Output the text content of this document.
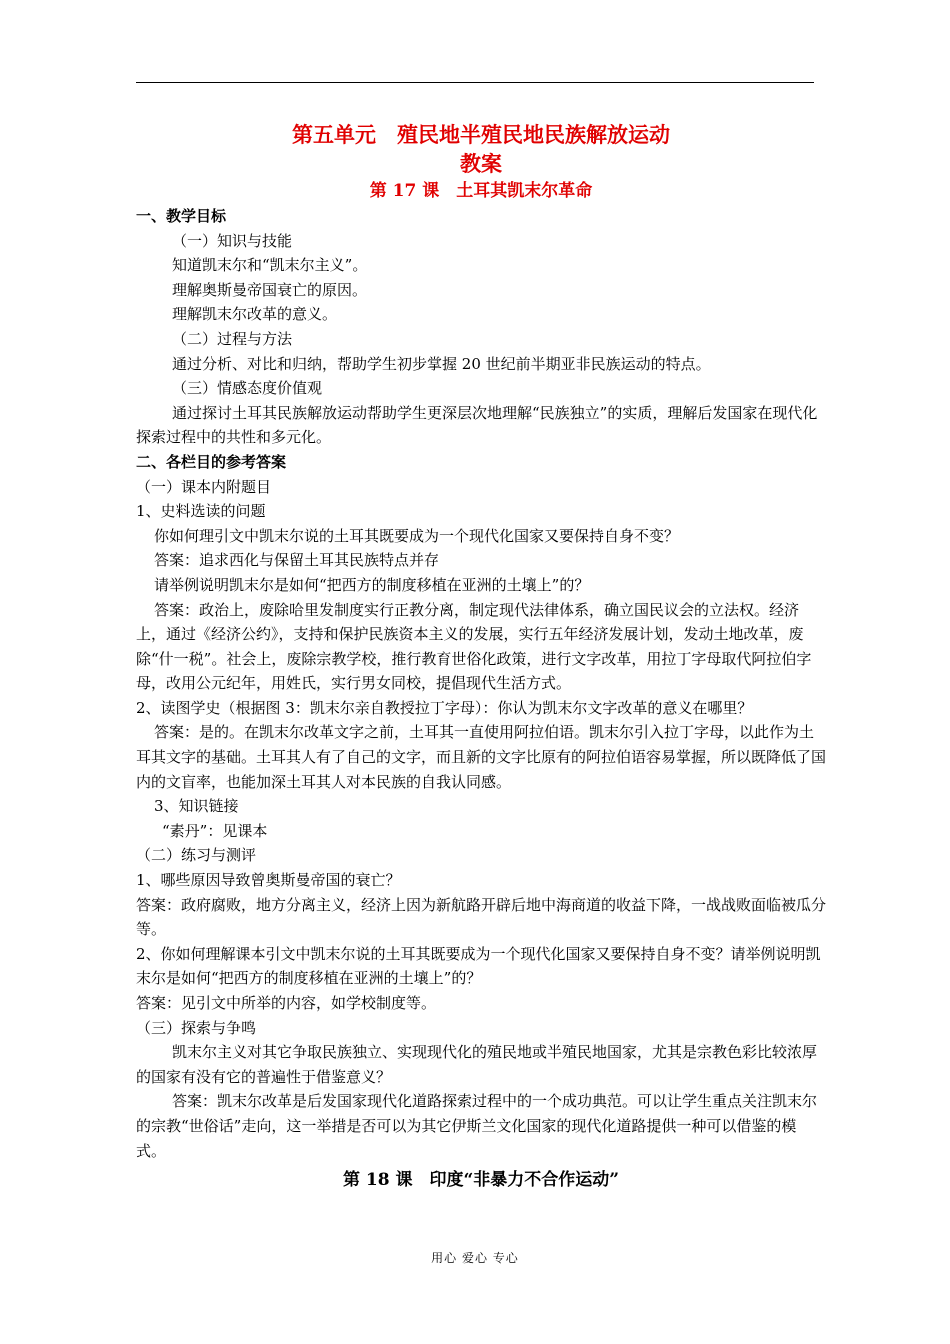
第五单元　殖民地半殖民地民族解放运动

教案

第 17 课　土耳其凯末尔革命

一、教学目标

（一）知识与技能

知道凯末尔和“凯末尔主义”。

理解奥斯曼帝国衰亡的原因。

理解凯末尔改革的意义。

（二）过程与方法

通过分析、对比和归纳，帮助学生初步掌握 20 世纪前半期亚非民族运动的特点。

（三）情感态度价值观

通过探讨土耳其民族解放运动帮助学生更深层次地理解“民族独立”的实质，理解后发国家在现代化探索过程中的共性和多元化。

二、各栏目的参考答案

（一）课本内附题目

1、史料选读的问题

你如何理引文中凯末尔说的土耳其既要成为一个现代化国家又要保持自身不变？

答案：追求西化与保留土耳其民族特点并存

请举例说明凯末尔是如何“把西方的制度移植在亚洲的土壤上”的？

答案：政治上，废除哈里发制度实行正教分离，制定现代法律体系，确立国民议会的立法权。经济上，通过《经济公约》，支持和保护民族资本主义的发展，实行五年经济发展计划，发动土地改革，废除“什一税”。社会上，废除宗教学校，推行教育世俗化政策，进行文字改革，用拉丁字母取代阿拉伯字母，改用公元纪年，用姓氏，实行男女同校，提倡现代生活方式。

2、读图学史（根据图 3：凯末尔亲自教授拉丁字母）：你认为凯末尔文字改革的意义在哪里？

答案：是的。在凯末尔改革文字之前，土耳其一直使用阿拉伯语。凯末尔引入拉丁字母，以此作为土耳其文字的基础。土耳其人有了自己的文字，而且新的文字比原有的阿拉伯语容易掌握，所以既降低了国内的文盲率，也能加深土耳其人对本民族的自我认同感。

3、知识链接

“素丹”：见课本

（二）练习与测评

1、哪些原因导致曾奥斯曼帝国的衰亡？

答案：政府腐败，地方分离主义，经济上因为新航路开辟后地中海商道的收益下降，一战战败面临被瓜分等。

2、你如何理解课本引文中凯末尔说的土耳其既要成为一个现代化国家又要保持自身不变？请举例说明凯末尔是如何“把西方的制度移植在亚洲的土壤上”的？

答案：见引文中所举的内容，如学校制度等。

（三）探索与争鸣

凯末尔主义对其它争取民族独立、实现现代化的殖民地或半殖民地国家，尤其是宗教色彩比较浓厚的国家有没有它的普遍性于借鉴意义？

答案：凯末尔改革是后发国家现代化道路探索过程中的一个成功典范。可以让学生重点关注凯末尔的宗教“世俗话”走向，这一举措是否可以为其它伊斯兰文化国家的现代化道路提供一种可以借鉴的模式。

第 18 课　印度“非暴力不合作运动”

用心 爱心 专心
